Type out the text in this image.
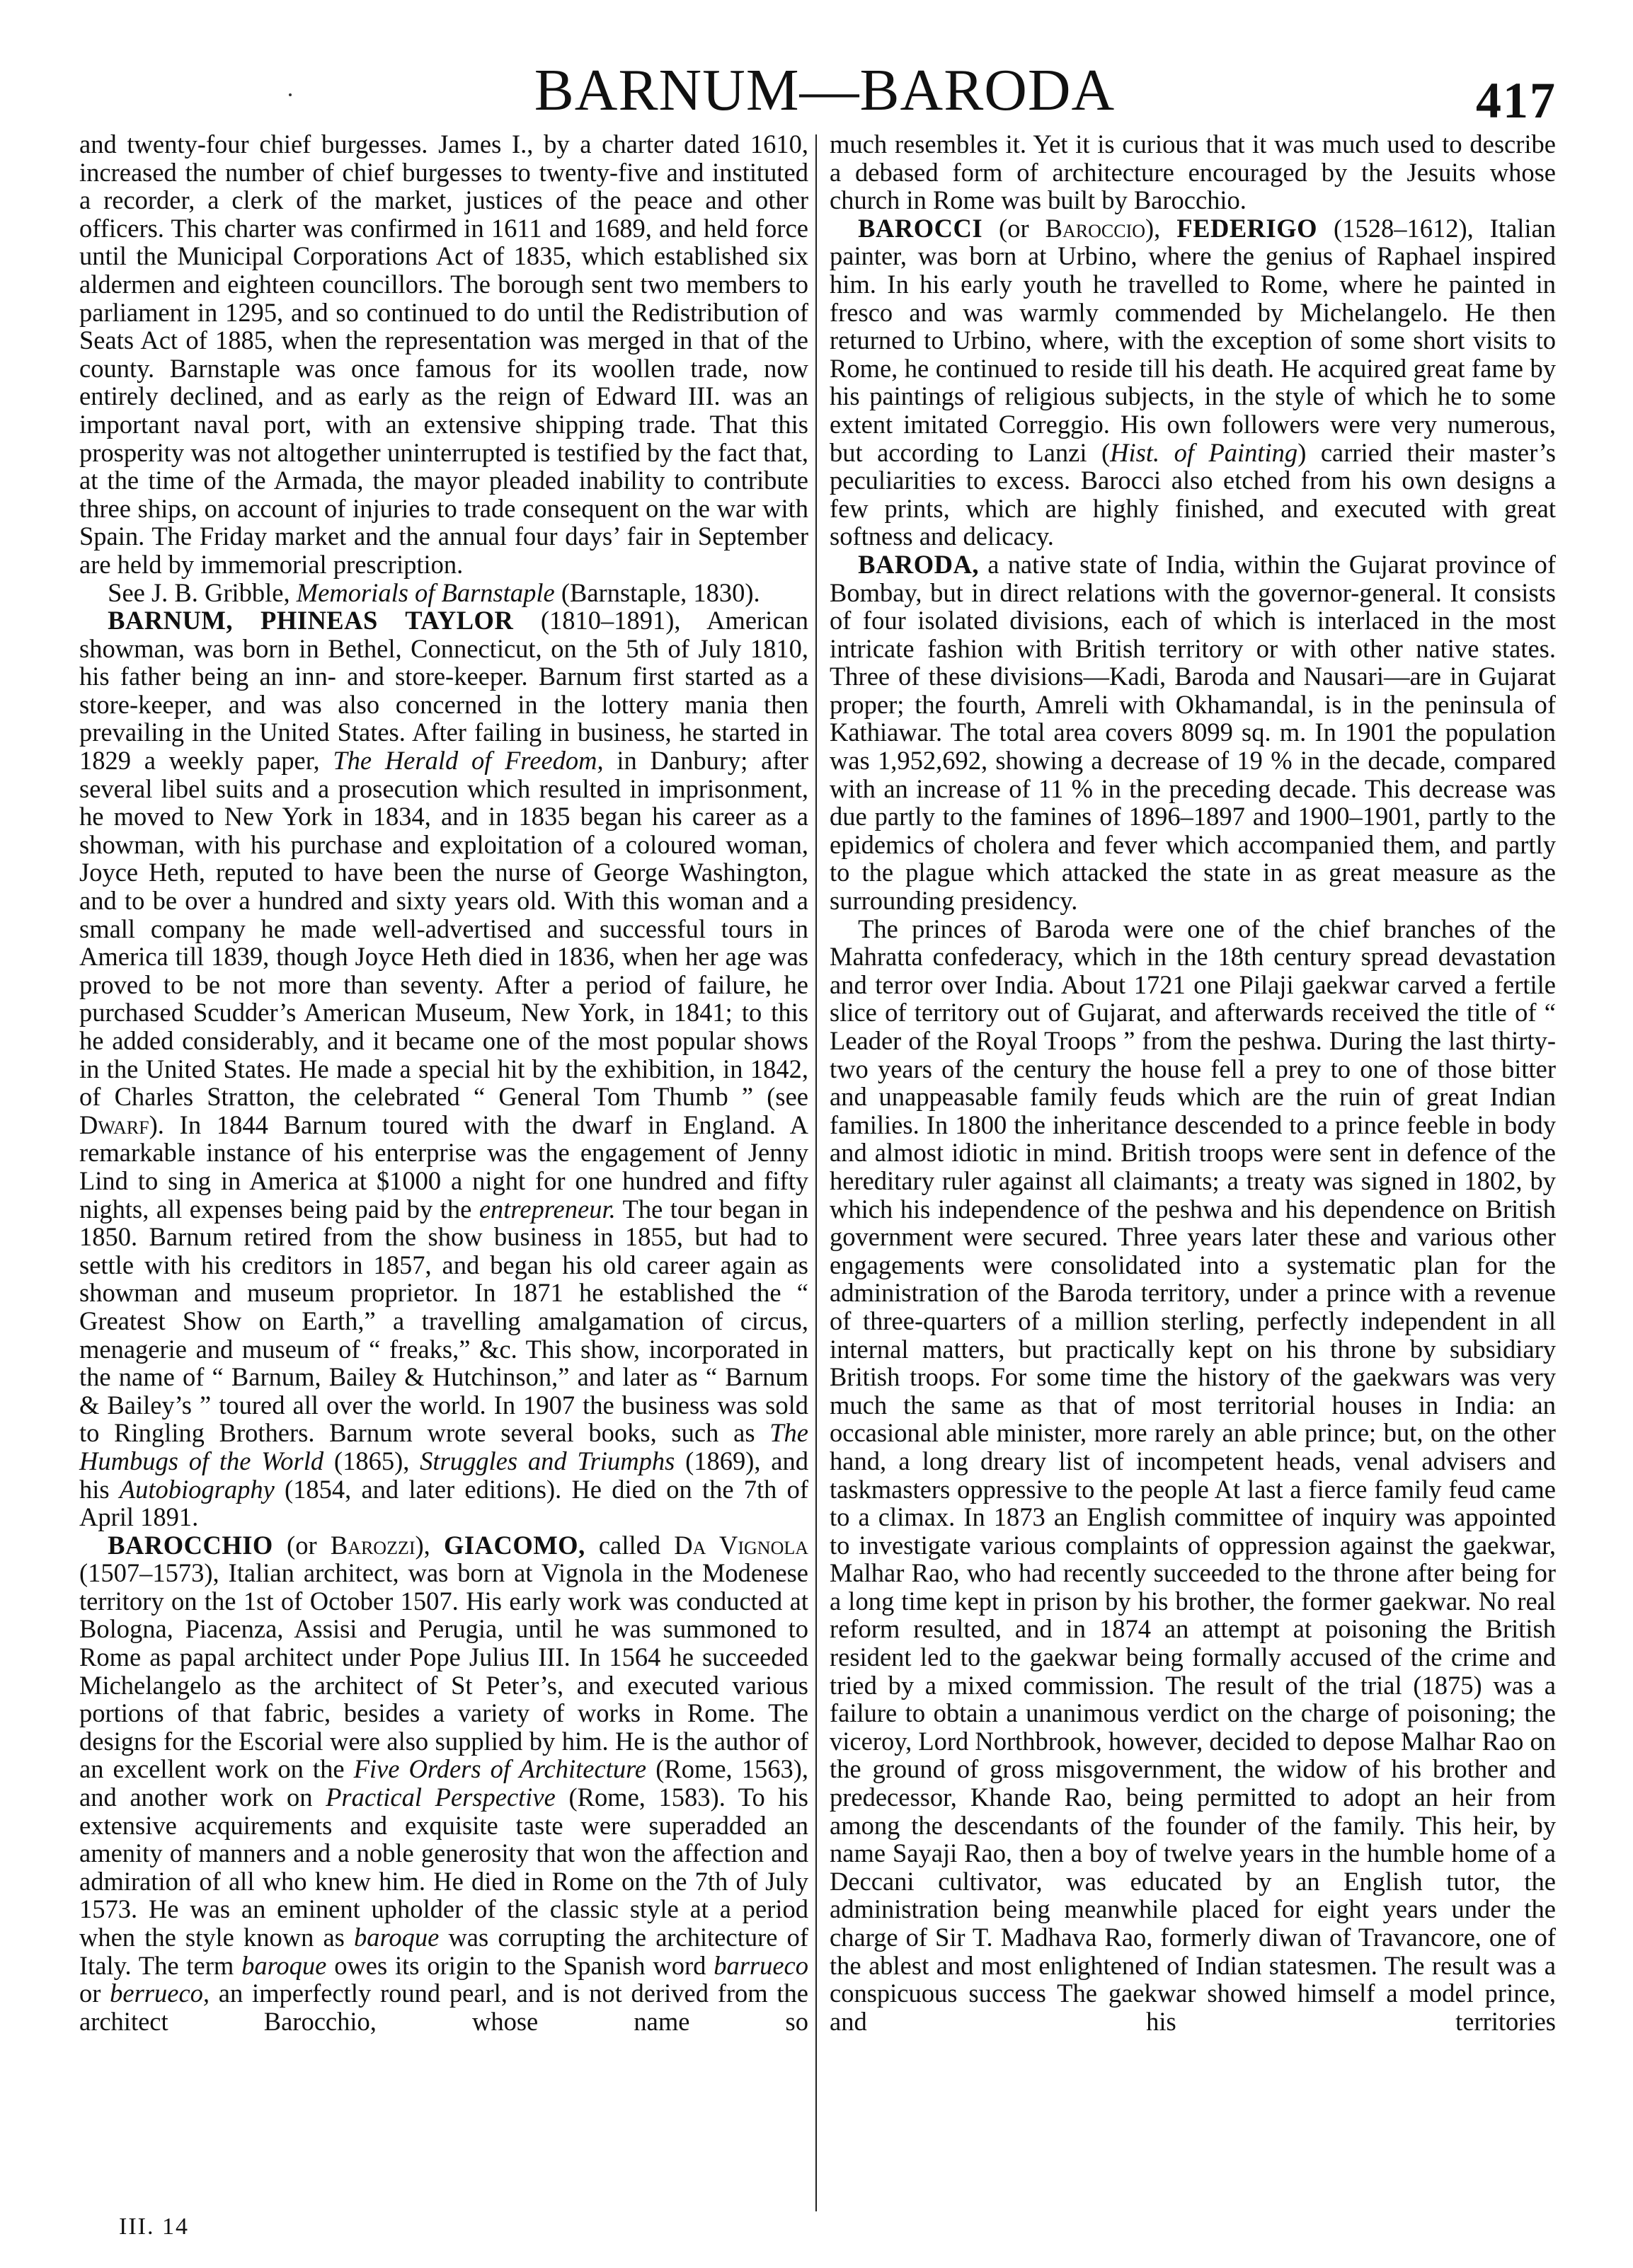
BARNUM—BARODA	417

and twenty-four chief burgesses. James I., by a charter dated 1610, increased the number of chief burgesses to twenty-five and instituted a recorder, a clerk of the market, justices of the peace and other officers. This charter was confirmed in 1611 and 1689, and held force until the Municipal Corporations Act of 1835, which established six aldermen and eighteen councillors. The borough sent two members to parliament in 1295, and so continued to do until the Redistribution of Seats Act of 1885, when the representation was merged in that of the county. Barnstaple was once famous for its woollen trade, now entirely declined, and as early as the reign of Edward III. was an important naval port, with an extensive shipping trade. That this prosperity was not altogether uninterrupted is testified by the fact that, at the time of the Armada, the mayor pleaded inability to contribute three ships, on account of injuries to trade consequent on the war with Spain. The Friday market and the annual four days’ fair in September are held by immemorial prescription.

See J. B. Gribble, Memorials of Barnstaple (Barnstaple, 1830).

BARNUM, PHINEAS TAYLOR (1810–1891), American showman, was born in Bethel, Connecticut, on the 5th of July 1810, his father being an inn- and store-keeper. Barnum first started as a store-keeper, and was also concerned in the lottery mania then prevailing in the United States. After failing in business, he started in 1829 a weekly paper, The Herald of Freedom, in Danbury; after several libel suits and a prosecution which resulted in imprisonment, he moved to New York in 1834, and in 1835 began his career as a showman, with his purchase and exploitation of a coloured woman, Joyce Heth, reputed to have been the nurse of George Washington, and to be over a hundred and sixty years old. With this woman and a small company he made well-advertised and successful tours in America till 1839, though Joyce Heth died in 1836, when her age was proved to be not more than seventy. After a period of failure, he purchased Scudder’s American Museum, New York, in 1841; to this he added considerably, and it became one of the most popular shows in the United States. He made a special hit by the exhibition, in 1842, of Charles Stratton, the celebrated “ General Tom Thumb ” (see Dwarf). In 1844 Barnum toured with the dwarf in England. A remarkable instance of his enterprise was the engagement of Jenny Lind to sing in America at $1000 a night for one hundred and fifty nights, all expenses being paid by the entrepreneur. The tour began in 1850. Barnum retired from the show business in 1855, but had to settle with his creditors in 1857, and began his old career again as showman and museum proprietor. In 1871 he established the “ Greatest Show on Earth,” a travelling amalgamation of circus, menagerie and museum of “ freaks,” &c. This show, incorporated in the name of “ Barnum, Bailey & Hutchinson,” and later as “ Barnum & Bailey’s ” toured all over the world. In 1907 the business was sold to Ringling Brothers. Barnum wrote several books, such as The Humbugs of the World (1865), Struggles and Triumphs (1869), and his Autobiography (1854, and later editions). He died on the 7th of April 1891.

BAROCCHIO (or Barozzi), GIACOMO, called Da Vignola (1507–1573), Italian architect, was born at Vignola in the Modenese territory on the 1st of October 1507. His early work was conducted at Bologna, Piacenza, Assisi and Perugia, until he was summoned to Rome as papal architect under Pope Julius III. In 1564 he succeeded Michelangelo as the architect of St Peter’s, and executed various portions of that fabric, besides a variety of works in Rome. The designs for the Escorial were also supplied by him. He is the author of an excellent work on the Five Orders of Architecture (Rome, 1563), and another work on Practical Perspective (Rome, 1583). To his extensive acquirements and exquisite taste were superadded an amenity of manners and a noble generosity that won the affection and admiration of all who knew him. He died in Rome on the 7th of July 1573. He was an eminent upholder of the classic style at a period when the style known as baroque was corrupting the architecture of Italy. The term baroque owes its origin to the Spanish word barrueco or berrueco, an imperfectly round pearl, and is not derived from the architect Barocchio, whose name so

much resembles it. Yet it is curious that it was much used to describe a debased form of architecture encouraged by the Jesuits whose church in Rome was built by Barocchio.

BAROCCI (or Baroccio), FEDERIGO (1528–1612), Italian painter, was born at Urbino, where the genius of Raphael inspired him. In his early youth he travelled to Rome, where he painted in fresco and was warmly commended by Michelangelo. He then returned to Urbino, where, with the exception of some short visits to Rome, he continued to reside till his death. He acquired great fame by his paintings of religious subjects, in the style of which he to some extent imitated Correggio. His own followers were very numerous, but according to Lanzi (Hist. of Painting) carried their master’s peculiarities to excess. Barocci also etched from his own designs a few prints, which are highly finished, and executed with great softness and delicacy.

BARODA, a native state of India, within the Gujarat province of Bombay, but in direct relations with the governor-general. It consists of four isolated divisions, each of which is interlaced in the most intricate fashion with British territory or with other native states. Three of these divisions—Kadi, Baroda and Nausari—are in Gujarat proper; the fourth, Amreli with Okhamandal, is in the peninsula of Kathiawar. The total area covers 8099 sq. m. In 1901 the population was 1,952,692, showing a decrease of 19 % in the decade, compared with an increase of 11 % in the preceding decade. This decrease was due partly to the famines of 1896–1897 and 1900–1901, partly to the epidemics of cholera and fever which accompanied them, and partly to the plague which attacked the state in as great measure as the surrounding presidency.

The princes of Baroda were one of the chief branches of the Mahratta confederacy, which in the 18th century spread devastation and terror over India. About 1721 one Pilaji gaekwar carved a fertile slice of territory out of Gujarat, and afterwards received the title of “ Leader of the Royal Troops ” from the peshwa. During the last thirty-two years of the century the house fell a prey to one of those bitter and unappeasable family feuds which are the ruin of great Indian families. In 1800 the inheritance descended to a prince feeble in body and almost idiotic in mind. British troops were sent in defence of the hereditary ruler against all claimants; a treaty was signed in 1802, by which his independence of the peshwa and his dependence on British government were secured. Three years later these and various other engagements were consolidated into a systematic plan for the administration of the Baroda territory, under a prince with a revenue of three-quarters of a million sterling, perfectly independent in all internal matters, but practically kept on his throne by subsidiary British troops. For some time the history of the gaekwars was very much the same as that of most territorial houses in India: an occasional able minister, more rarely an able prince; but, on the other hand, a long dreary list of incompetent heads, venal advisers and taskmasters oppressive to the people At last a fierce family feud came to a climax. In 1873 an English committee of inquiry was appointed to investigate various complaints of oppression against the gaekwar, Malhar Rao, who had recently succeeded to the throne after being for a long time kept in prison by his brother, the former gaekwar. No real reform resulted, and in 1874 an attempt at poisoning the British resident led to the gaekwar being formally accused of the crime and tried by a mixed commission. The result of the trial (1875) was a failure to obtain a unanimous verdict on the charge of poisoning; the viceroy, Lord Northbrook, however, decided to depose Malhar Rao on the ground of gross misgovernment, the widow of his brother and predecessor, Khande Rao, being permitted to adopt an heir from among the descendants of the founder of the family. This heir, by name Sayaji Rao, then a boy of twelve years in the humble home of a Deccani cultivator, was educated by an English tutor, the administration being meanwhile placed for eight years under the charge of Sir T. Madhava Rao, formerly diwan of Travancore, one of the ablest and most enlightened of Indian statesmen. The result was a conspicuous success The gaekwar showed himself a model prince, and his territories

III. 14
